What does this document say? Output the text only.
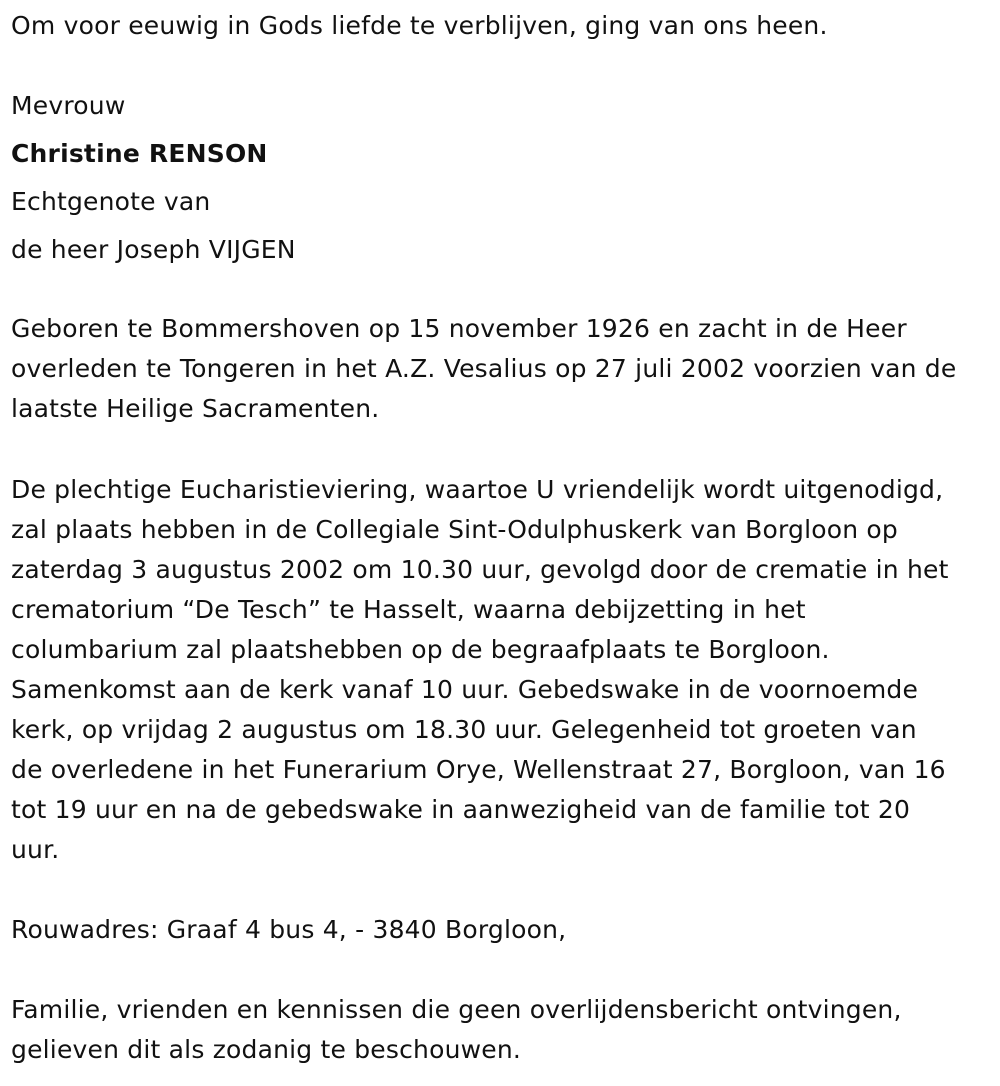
Om voor eeuwig in Gods liefde te verblijven, ging van ons heen.
Mevrouw
Christine RENSON
Echtgenote van
de heer Joseph VIJGEN
Geboren te Bommershoven op 15 november 1926 en zacht in de Heer
overleden te Tongeren in het A.Z. Vesalius op 27 juli 2002 voorzien van de
laatste Heilige Sacramenten.
De plechtige Eucharistieviering, waartoe U vriendelijk wordt uitgenodigd,
zal plaats hebben in de Collegiale Sint-Odulphuskerk van Borgloon op
zaterdag 3 augustus 2002 om 10.30 uur, gevolgd door de crematie in het
crematorium “De Tesch” te Hasselt, waarna debijzetting in het
columbarium zal plaatshebben op de begraafplaats te Borgloon.
Samenkomst aan de kerk vanaf 10 uur. Gebedswake in de voornoemde
kerk, op vrijdag 2 augustus om 18.30 uur. Gelegenheid tot groeten van
de overledene in het Funerarium Orye, Wellenstraat 27, Borgloon, van 16
tot 19 uur en na de gebedswake in aanwezigheid van de familie tot 20
uur.
Rouwadres: Graaf 4 bus 4, - 3840 Borgloon,
Familie, vrienden en kennissen die geen overlijdensbericht ontvingen,
gelieven dit als zodanig te beschouwen.
